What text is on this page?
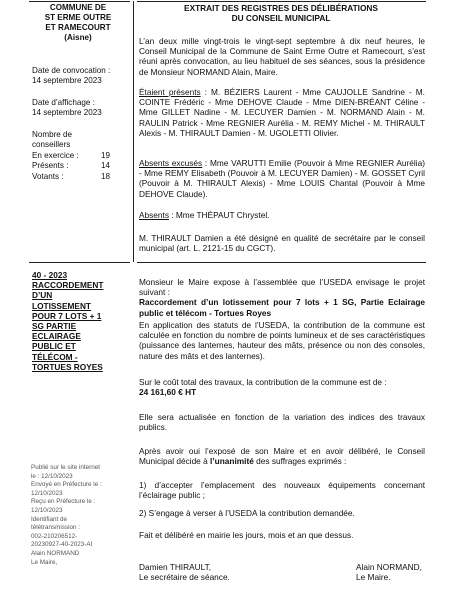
COMMUNE DE
ST ERME OUTRE
ET RAMECOURT
(Aisne)
Date de convocation :
14 septembre 2023
Date d’affichage :
14 septembre 2023
Nombre de
conseillers
En exercice :	19
Présents :	14
Votants :	18
40 - 2023
RACCORDEMENT
D’UN
LOTISSEMENT
POUR 7 LOTS + 1
SG PARTIE
ECLAIRAGE
PUBLIC ET
TÉLÉCOM -
TORTUES ROYES
Publié sur le site internet
le : 12/10/2023
Envoyé en Préfecture le :
12/10/2023
Reçu en Préfecture le :
12/10/2023
Identifiant de
télétransmission :
002-210206512-
20230927-40-2023-AI
Alain NORMAND
Le Maire,
EXTRAIT DES REGISTRES DES DÉLIBÉRATIONS
DU CONSEIL MUNICIPAL

L’an deux mille vingt-trois le vingt-sept septembre à dix neuf heures, le Conseil Municipal de la Commune de Saint Erme Outre et Ramecourt, s’est réuni après convocation, au lieu habituel de ses séances, sous la présidence de Monsieur NORMAND Alain, Maire.

Étaient présents : M. BÉZIERS Laurent - Mme CAUJOLLE Sandrine - M. COINTE Frédéric - Mme DEHOVE Claude - Mme DIEN-BRÉANT Céline - Mme GILLET Nadine - M. LECUYER Damien - M. NORMAND Alain - M. RAULIN Patrick - Mme REGNIER Aurélia - M. REMY Michel - M. THIRAULT Alexis - M. THIRAULT Damien - M. UGOLETTI Olivier.

Absents excusés : Mme VARUTTI Emilie (Pouvoir à Mme REGNIER Aurélia) - Mme REMY Elisabeth (Pouvoir à M. LECUYER Damien) - M. GOSSET Cyril (Pouvoir à M. THIRAULT Alexis) - Mme LOUIS Chantal (Pouvoir à Mme DEHOVE Claude).

Absents : Mme THÉPAUT Chrystel.

M. THIRAULT Damien a été désigné en qualité de secrétaire par le conseil municipal (art. L. 2121-15 du CGCT).

Monsieur le Maire expose à l’assemblée que l’USEDA envisage le projet suivant :

Raccordement d’un lotissement pour 7 lots + 1 SG, Partie Eclairage public et télécom - Tortues Royes

En application des statuts de l’USEDA, la contribution de la commune est calculée en fonction du nombre de points lumineux et de ses caractéristiques (puissance des lanternes, hauteur des mâts, présence ou non des consoles, nature des mâts et des lanternes).

Sur le coût total des travaux, la contribution de la commune est de :

24 161,60 € HT

Elle sera actualisée en fonction de la variation des indices des travaux publics.

Après avoir oui l’exposé de son Maire et en avoir délibéré, le Conseil Municipal décide à l’unanimité des suffrages exprimés :

1) d’accepter l’emplacement des nouveaux équipements concernant l’éclairage public ;

2) S’engage à verser à l’USEDA la contribution demandée.

Fait et délibéré en mairie les jours, mois et an que dessus.

Damien THIRAULT,
Le secrétaire de séance.
Alain NORMAND,
Le Maire.
